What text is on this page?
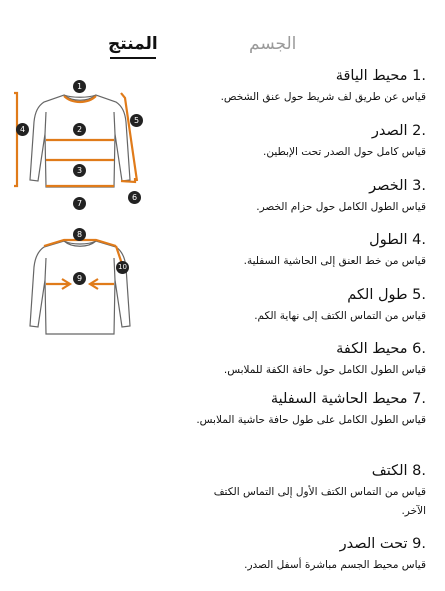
المنتج	الجسم
1
2
3
4
5
6
7
8
9
10
1. محيط الياقة

قياس عن طريق لف شريط حول عنق الشخص.

2. الصدر

قياس كامل حول الصدر تحت الإبطين.

3. الخصر

قياس الطول الكامل حول حزام الخصر.

4. الطول

قياس من خط العنق إلى الحاشية السفلية.

5. طول الكم

قياس من التماس الكتف إلى نهاية الكم.

6. محيط الكفة

قياس الطول الكامل حول حافة الكفة للملابس.

7. محيط الحاشية السفلية

قياس الطول الكامل على طول حافة حاشية الملابس.

8. الكتف

قياس من التماس الكتف الأول إلى التماس الكتف الآخر.

9. تحت الصدر

قياس محيط الجسم مباشرة أسفل الصدر.
